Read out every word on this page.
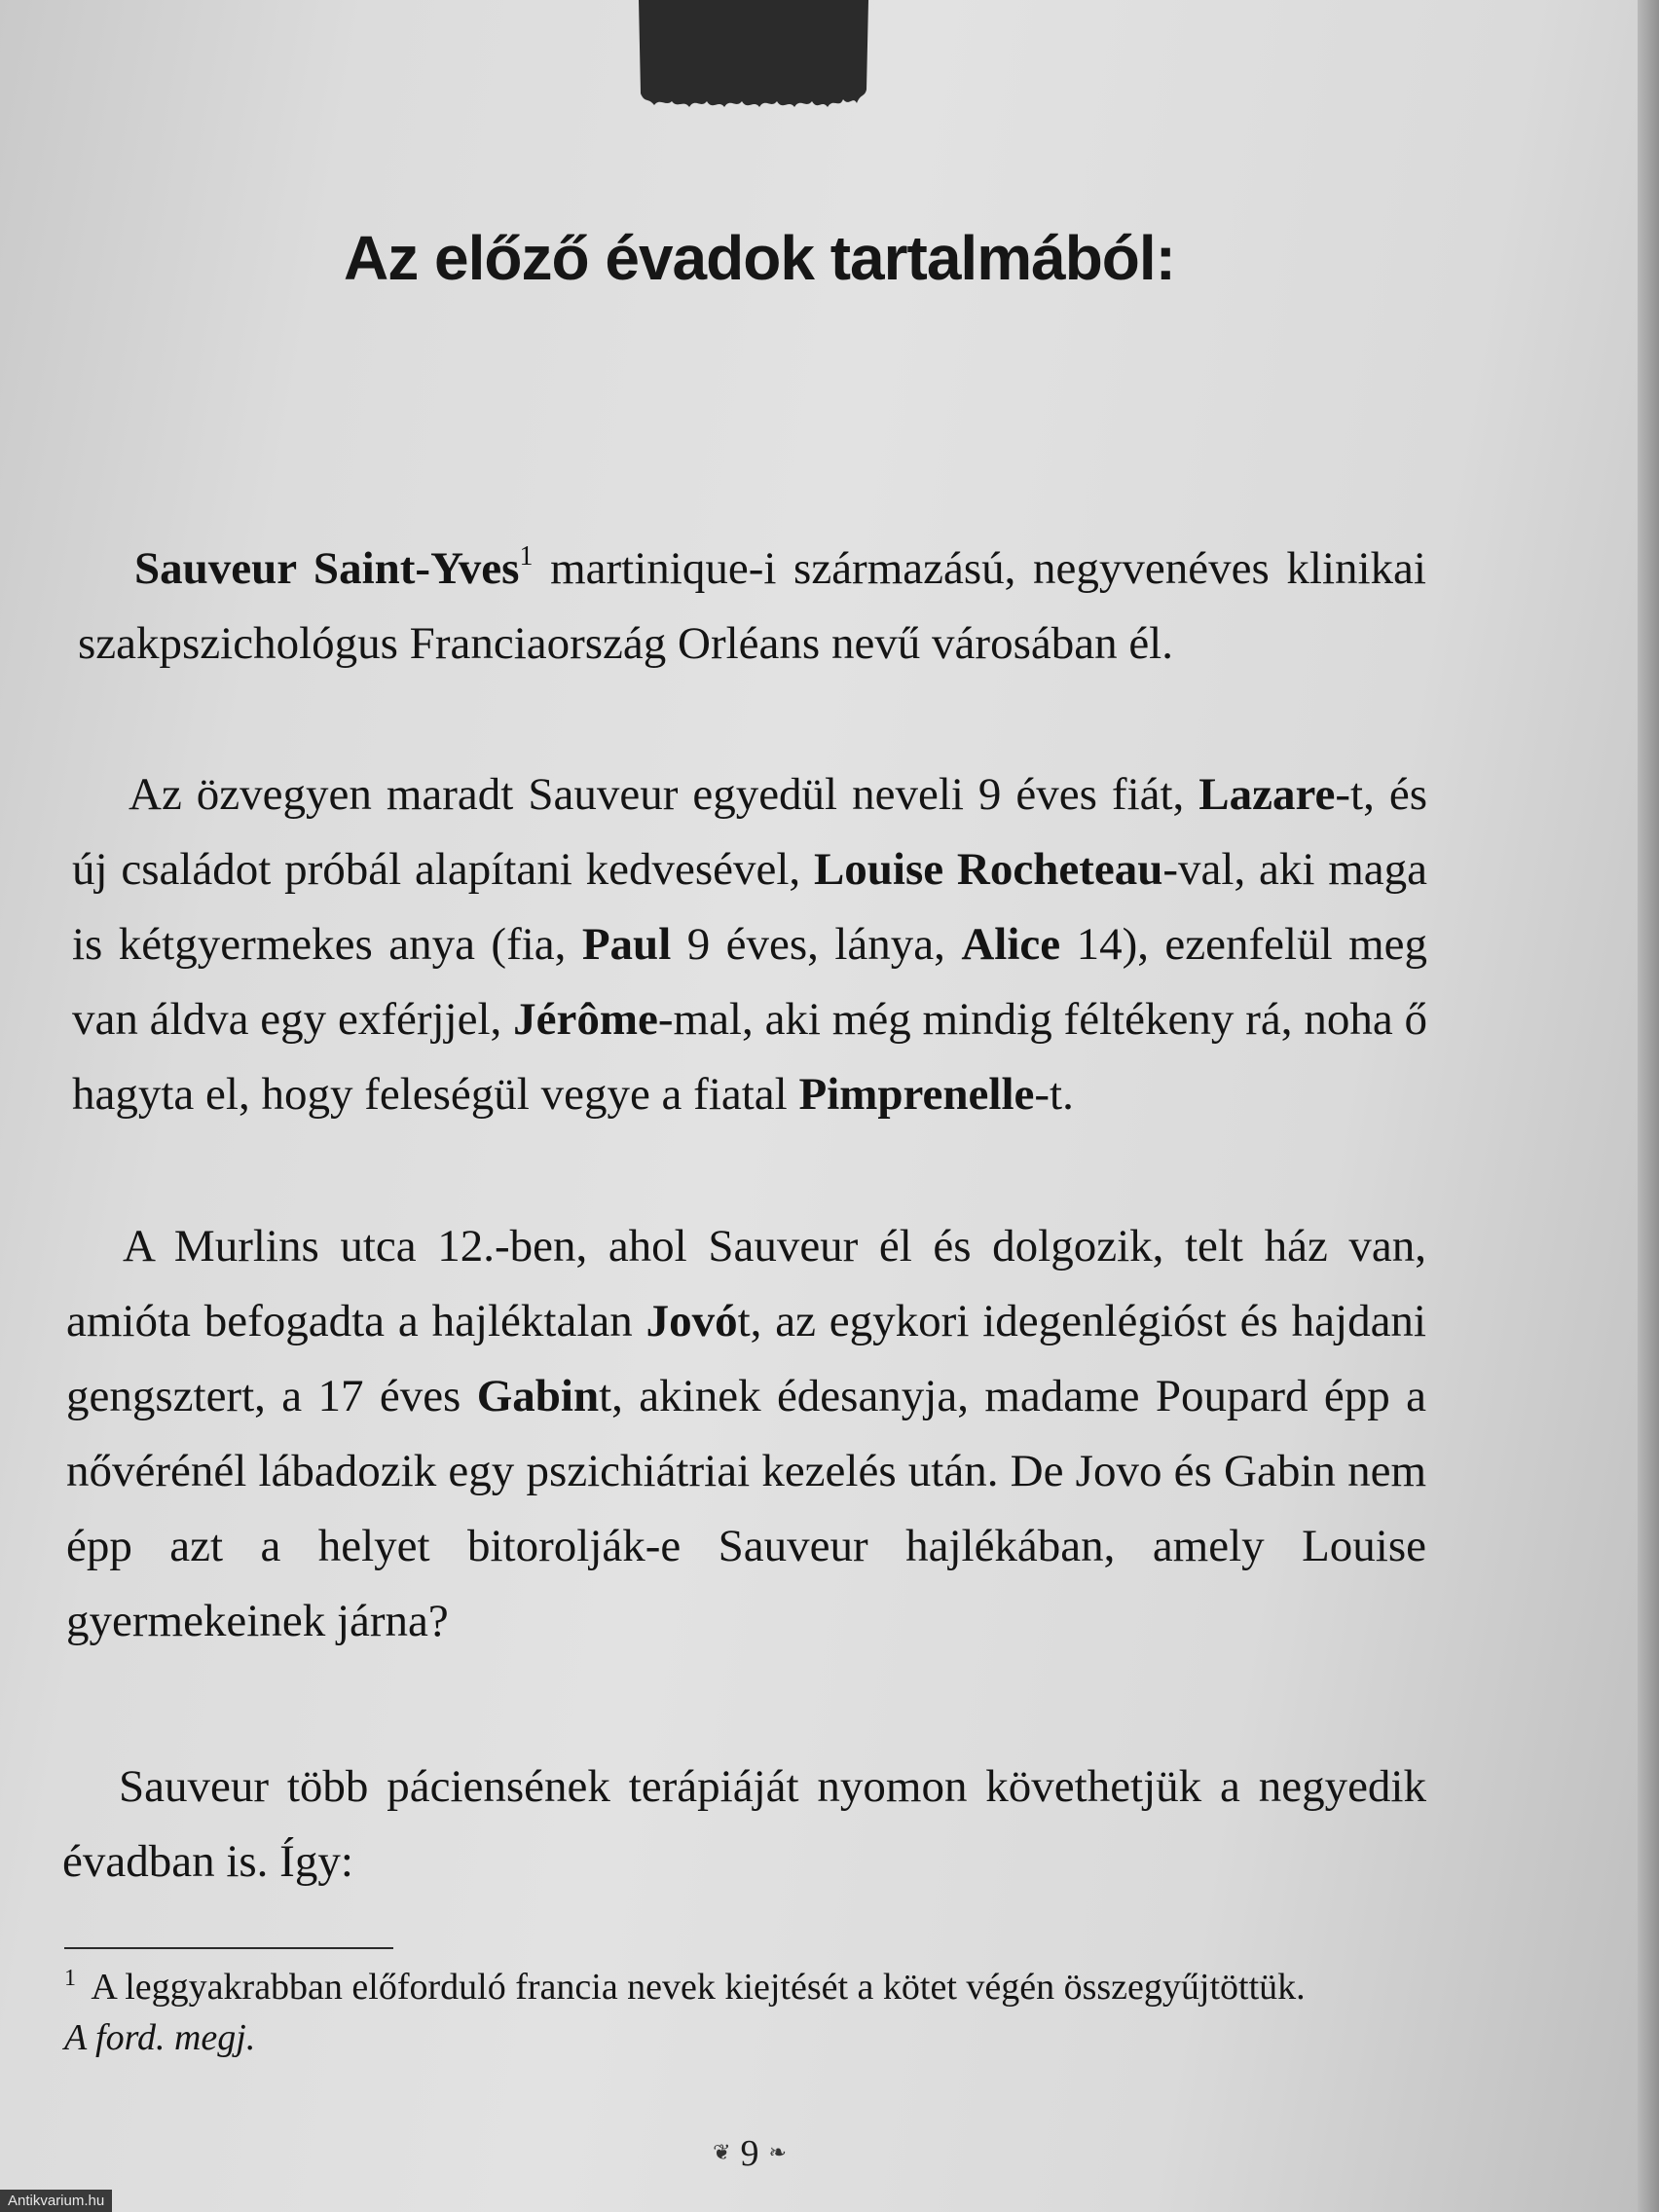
Az előző évadok tartalmából:

Sauveur Saint-Yves$^1$ martinique-i származású, negyvenéves klinikai szakpszichológus Franciaország Orléans nevű városában él.

Az özvegyen maradt Sauveur egyedül neveli 9 éves fiát, Lazare-t, és új családot próbál alapítani kedvesével, Louise Rocheteau-val, aki maga is kétgyermekes anya (fia, Paul 9 éves, lánya, Alice 14), ezenfelül meg van áldva egy exférjjel, Jérôme-mal, aki még mindig féltékeny rá, noha ő hagyta el, hogy feleségül vegye a fiatal Pimprenelle-t.

A Murlins utca 12.-ben, ahol Sauveur él és dolgozik, telt ház van, amióta befogadta a hajléktalan Jovót, az egykori idegenlégióst és hajdani gengsztert, a 17 éves Gabint, akinek édesanyja, madame Poupard épp a nővérénél lábadozik egy pszichiátriai kezelés után. De Jovo és Gabin nem épp azt a helyet bitorolják-e Sauveur hajlékában, amely Louise gyermekeinek járna?

Sauveur több páciensének terápiáját nyomon követhetjük a negyedik évadban is. Így:

$^1$ A leggyakrabban előforduló francia nevek kiejtését a kötet végén összegyűjtöttük.
A ford. megj.

❦ 9 ❧
Antikvarium.hu
